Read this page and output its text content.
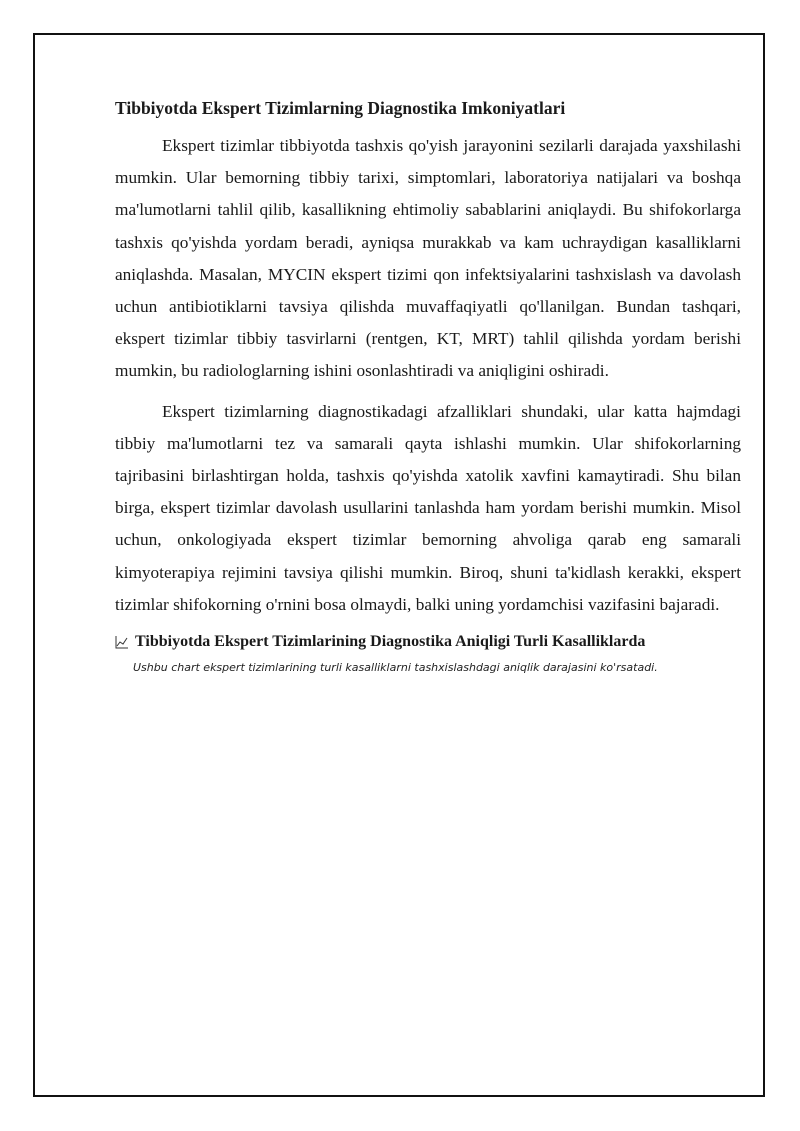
Tibbiyotda Ekspert Tizimlarning Diagnostika Imkoniyatlari

Ekspert tizimlar tibbiyotda tashxis qo'yish jarayonini sezilarli darajada yaxshilashi mumkin. Ular bemorning tibbiy tarixi, simptomlari, laboratoriya natijalari va boshqa ma'lumotlarni tahlil qilib, kasallikning ehtimoliy sabablarini aniqlaydi. Bu shifokorlarga tashxis qo'yishda yordam beradi, ayniqsa murakkab va kam uchraydigan kasalliklarni aniqlashda. Masalan, MYCIN ekspert tizimi qon infektsiyalarini tashxislash va davolash uchun antibiotiklarni tavsiya qilishda muvaffaqiyatli qo'llanilgan. Bundan tashqari, ekspert tizimlar tibbiy tasvirlarni (rentgen, KT, MRT) tahlil qilishda yordam berishi mumkin, bu radiologlarning ishini osonlashtiradi va aniqligini oshiradi.

Ekspert tizimlarning diagnostikadagi afzalliklari shundaki, ular katta hajmdagi tibbiy ma'lumotlarni tez va samarali qayta ishlashi mumkin. Ular shifokorlarning tajribasini birlashtirgan holda, tashxis qo'yishda xatolik xavfini kamaytiradi. Shu bilan birga, ekspert tizimlar davolash usullarini tanlashda ham yordam berishi mumkin. Misol uchun, onkologiyada ekspert tizimlar bemorning ahvoliga qarab eng samarali kimyoterapiya rejimini tavsiya qilishi mumkin. Biroq, shuni ta'kidlash kerakki, ekspert tizimlar shifokorning o'rnini bosa olmaydi, balki uning yordamchisi vazifasini bajaradi.

Tibbiyotda Ekspert Tizimlarining Diagnostika Aniqligi Turli Kasalliklarda

Ushbu chart ekspert tizimlarining turli kasalliklarni tashxislashdagi aniqlik darajasini ko'rsatadi.
